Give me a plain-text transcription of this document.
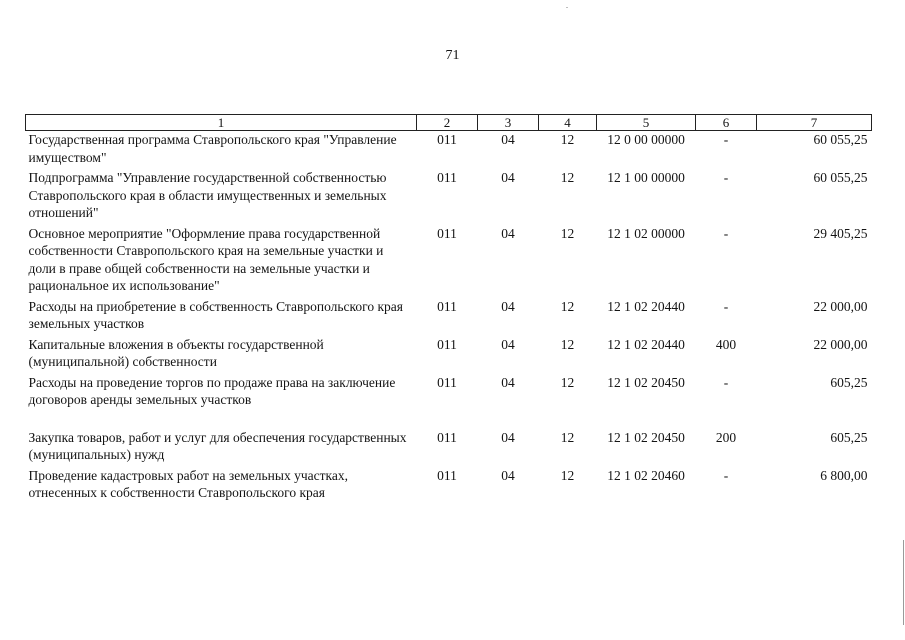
71
1	2	3	4	5	6	7
Государственная программа Ставропольского края "Управление имуществом"	011	04	12	12 0 00 00000	-	60 055,25
Подпрограмма "Управление государственной собственностью Ставропольского края в области имущественных и земельных отношений"	011	04	12	12 1 00 00000	-	60 055,25
Основное мероприятие "Оформление права государственной собственности Ставропольского края на земельные участки и доли в праве общей собственности на земельные участки и рациональное их использование"	011	04	12	12 1 02 00000	-	29 405,25
Расходы на приобретение в собственность Ставропольского края земельных участков	011	04	12	12 1 02 20440	-	22 000,00
Капитальные вложения в объекты государственной (муниципальной) собственности	011	04	12	12 1 02 20440	400	22 000,00
Расходы на проведение торгов по продаже права на заключение договоров аренды земельных участков	011	04	12	12 1 02 20450	-	605,25
Закупка товаров, работ и услуг для обеспечения государственных (муниципальных) нужд	011	04	12	12 1 02 20450	200	605,25
Проведение кадастровых работ на земельных участках, отнесенных к собственности Ставропольского края	011	04	12	12 1 02 20460	-	6 800,00
